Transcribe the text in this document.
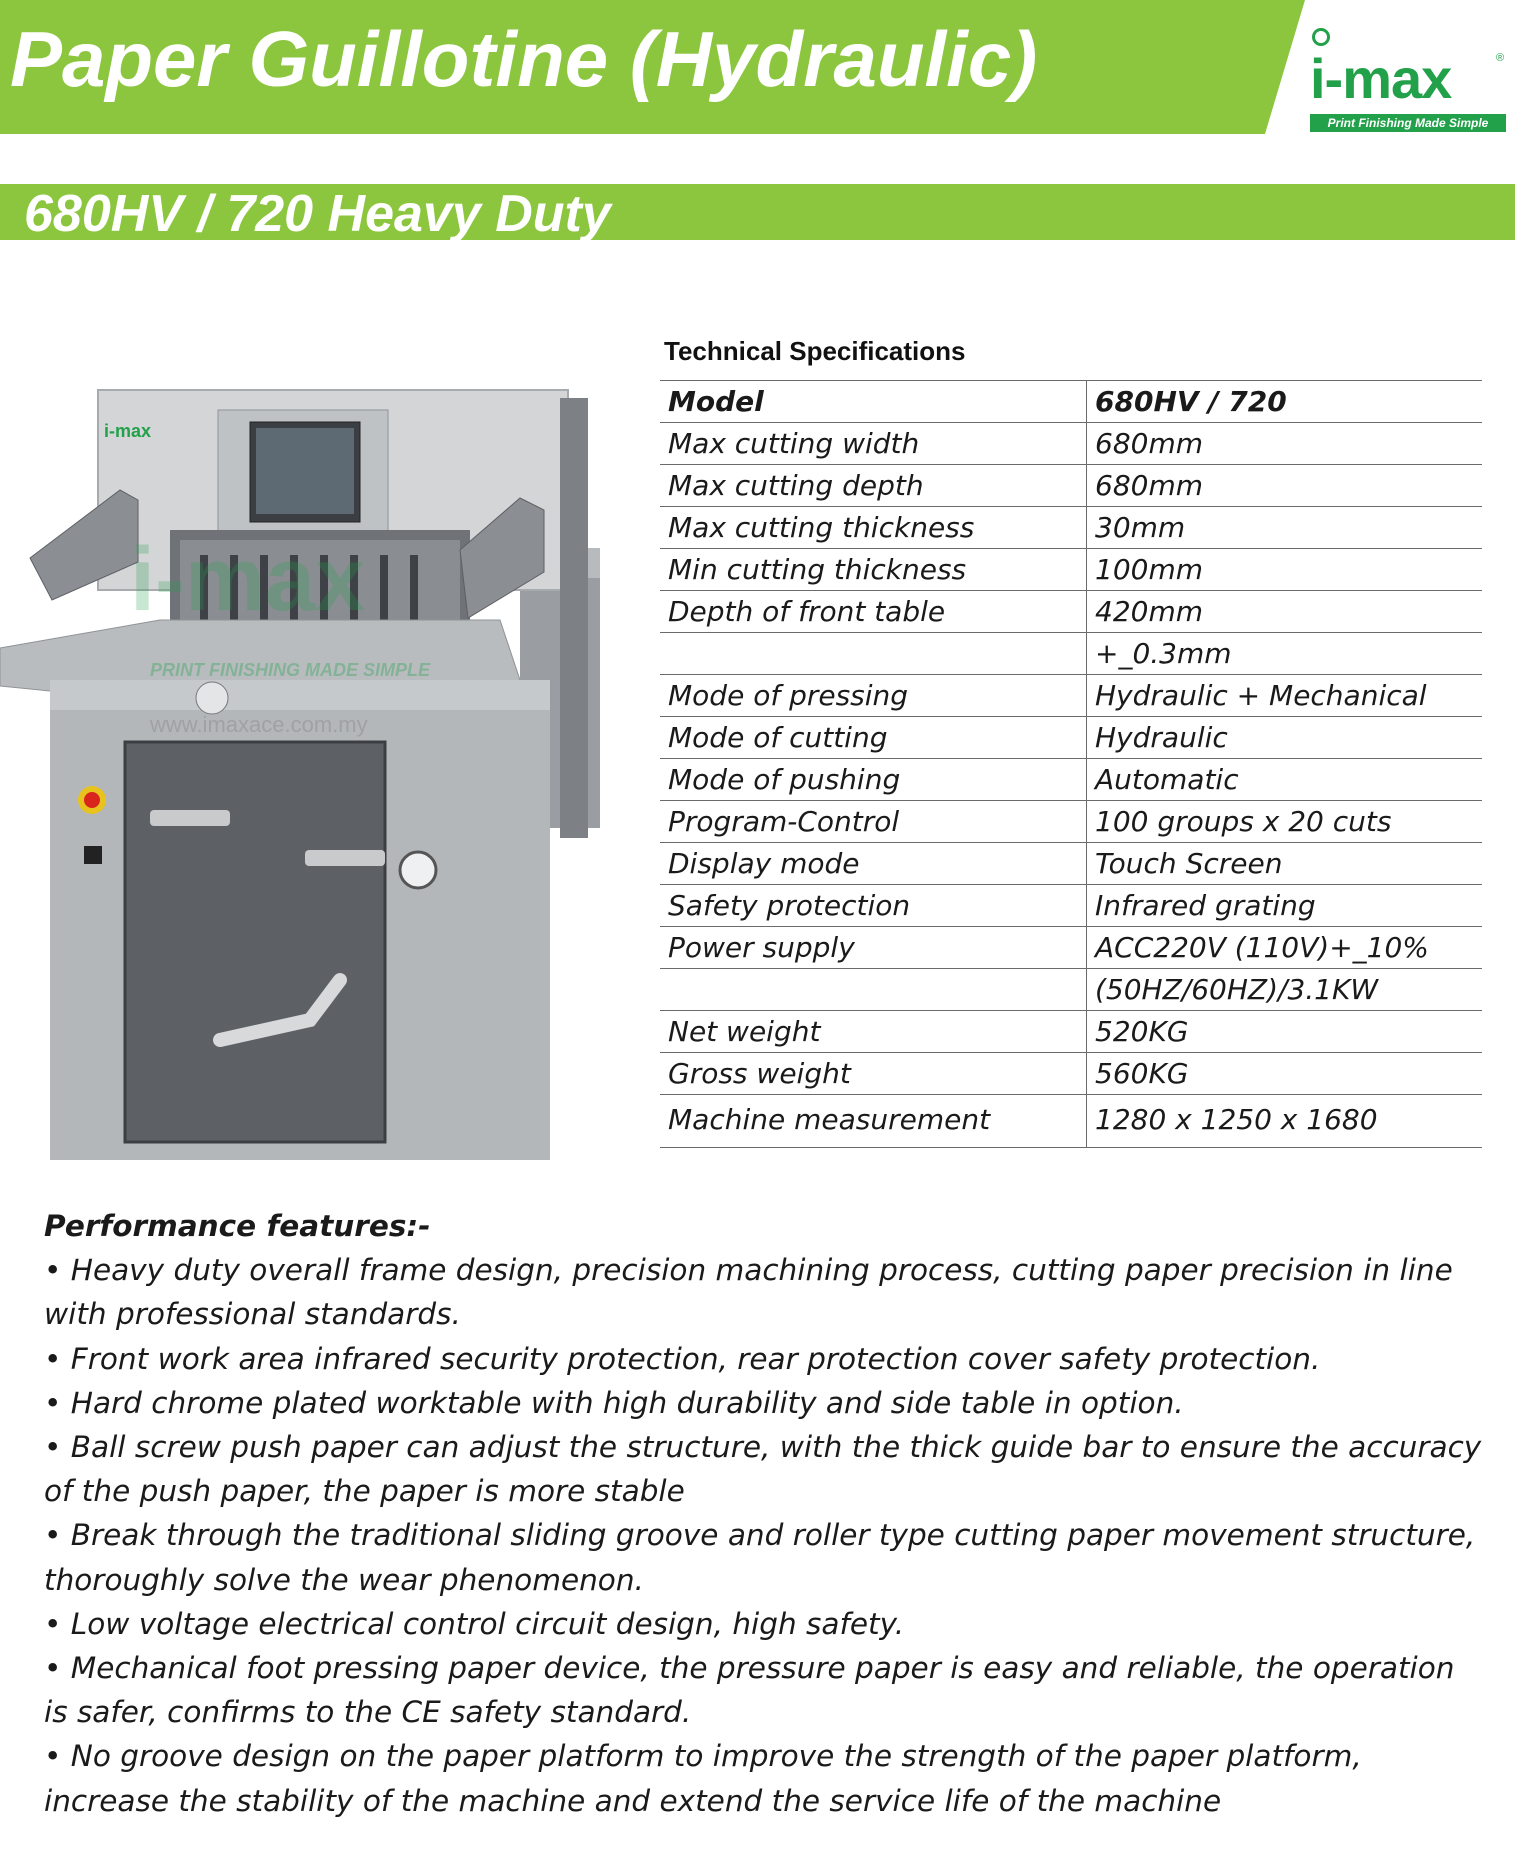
Paper Guillotine (Hydraulic)	i-max	®
Print Finishing Made Simple
680HV / 720 Heavy Duty
i-max
i-max
PRINT FINISHING MADE SIMPLE
www.imaxace.com.my
Technical Specifications
Model	680HV / 720
Max cutting width	680mm
Max cutting depth	680mm
Max cutting thickness	30mm
Min cutting thickness	100mm
Depth of front table	420mm
	+_0.3mm
Mode of pressing	Hydraulic + Mechanical
Mode of cutting	Hydraulic
Mode of pushing	Automatic
Program-Control	100 groups x 20 cuts
Display mode	Touch Screen
Safety protection	Infrared grating
Power supply	ACC220V (110V)+_10%
	(50HZ/60HZ)/3.1KW
Net weight	520KG
Gross weight	560KG
Machine measurement	1280 x 1250 x 1680
Performance features:-
• Heavy duty overall frame design, precision machining process, cutting paper precision in line
with professional standards.
• Front work area infrared security protection, rear protection cover safety protection.
• Hard chrome plated worktable with high durability and side table in option.
• Ball screw push paper can adjust the structure, with the thick guide bar to ensure the accuracy
of the push paper, the paper is more stable
• Break through the traditional sliding groove and roller type cutting paper movement structure,
thoroughly solve the wear phenomenon.
• Low voltage electrical control circuit design, high safety.
• Mechanical foot pressing paper device, the pressure paper is easy and reliable, the operation
is safer, confirms to the CE safety standard.
• No groove design on the paper platform to improve the strength of the paper platform,
increase the stability of the machine and extend the service life of the machine
